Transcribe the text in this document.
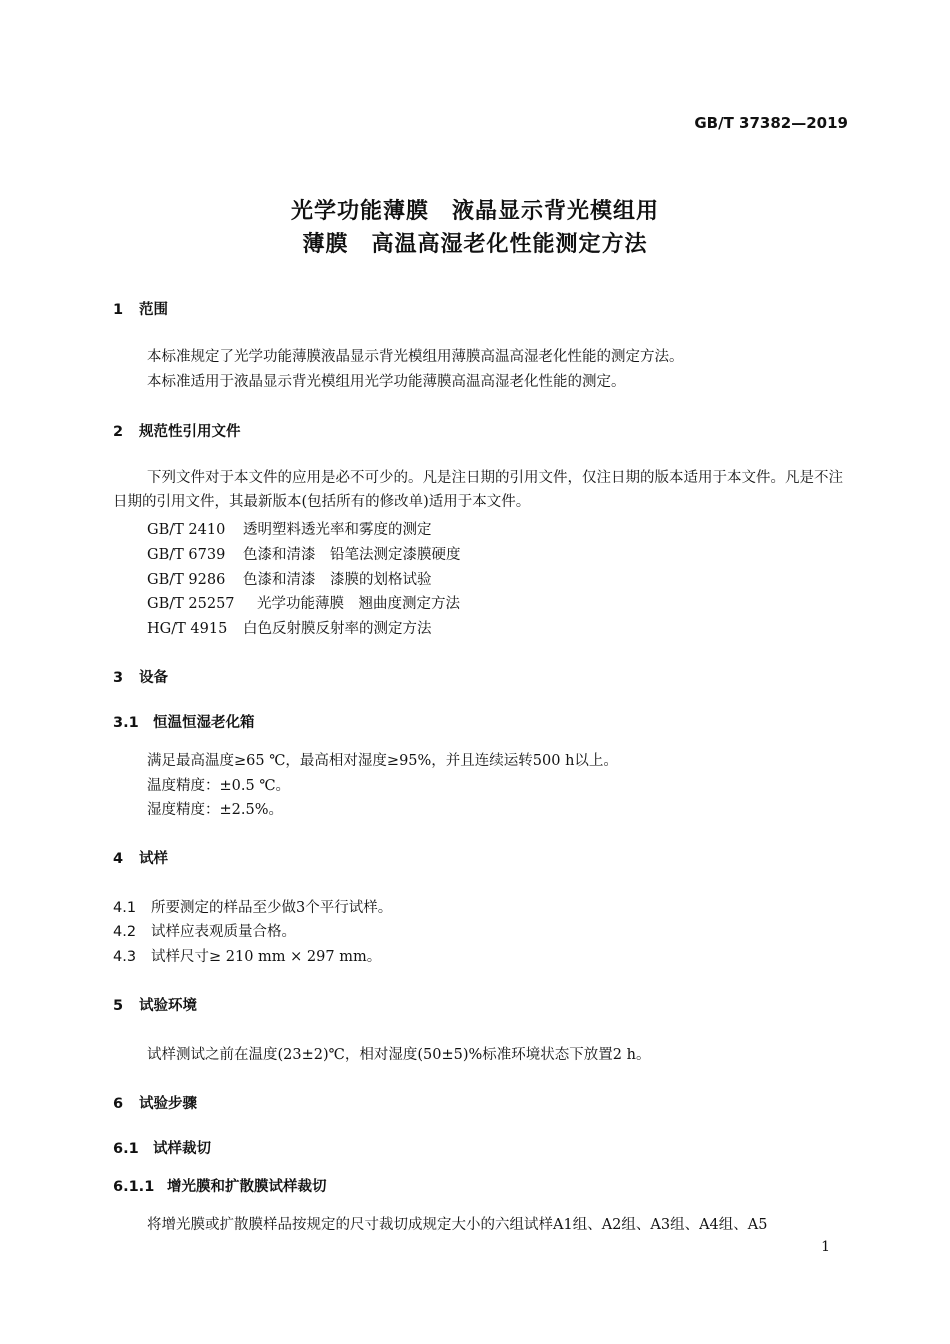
GB/T 37382—2019
光学功能薄膜　液晶显示背光模组用
薄膜　高温高湿老化性能测定方法
1 范围
本标准规定了光学功能薄膜液晶显示背光模组用薄膜高温高湿老化性能的测定方法。
本标准适用于液晶显示背光模组用光学功能薄膜高温高湿老化性能的测定。
2 规范性引用文件
下列文件对于本文件的应用是必不可少的。凡是注日期的引用文件，仅注日期的版本适用于本文件。凡是不注日期的引用文件，其最新版本(包括所有的修改单)适用于本文件。
GB/T 2410 透明塑料透光率和雾度的测定
GB/T 6739 色漆和清漆　铅笔法测定漆膜硬度
GB/T 9286 色漆和清漆　漆膜的划格试验
GB/T 25257 光学功能薄膜　翘曲度测定方法
HG/T 4915 白色反射膜反射率的测定方法
3 设备
3.1 恒温恒湿老化箱
满足最高温度≥65 ℃，最高相对湿度≥95%，并且连续运转500 h以上。
温度精度：±0.5 ℃。
湿度精度：±2.5%。
4 试样
4.1 所要测定的样品至少做3个平行试样。
4.2 试样应表观质量合格。
4.3 试样尺寸≥ 210 mm × 297 mm。
5 试验环境
试样测试之前在温度(23±2)℃，相对湿度(50±5)%标准环境状态下放置2 h。
6 试验步骤
6.1 试样裁切
6.1.1 增光膜和扩散膜试样裁切
将增光膜或扩散膜样品按规定的尺寸裁切成规定大小的六组试样A1组、A2组、A3组、A4组、A5
1
